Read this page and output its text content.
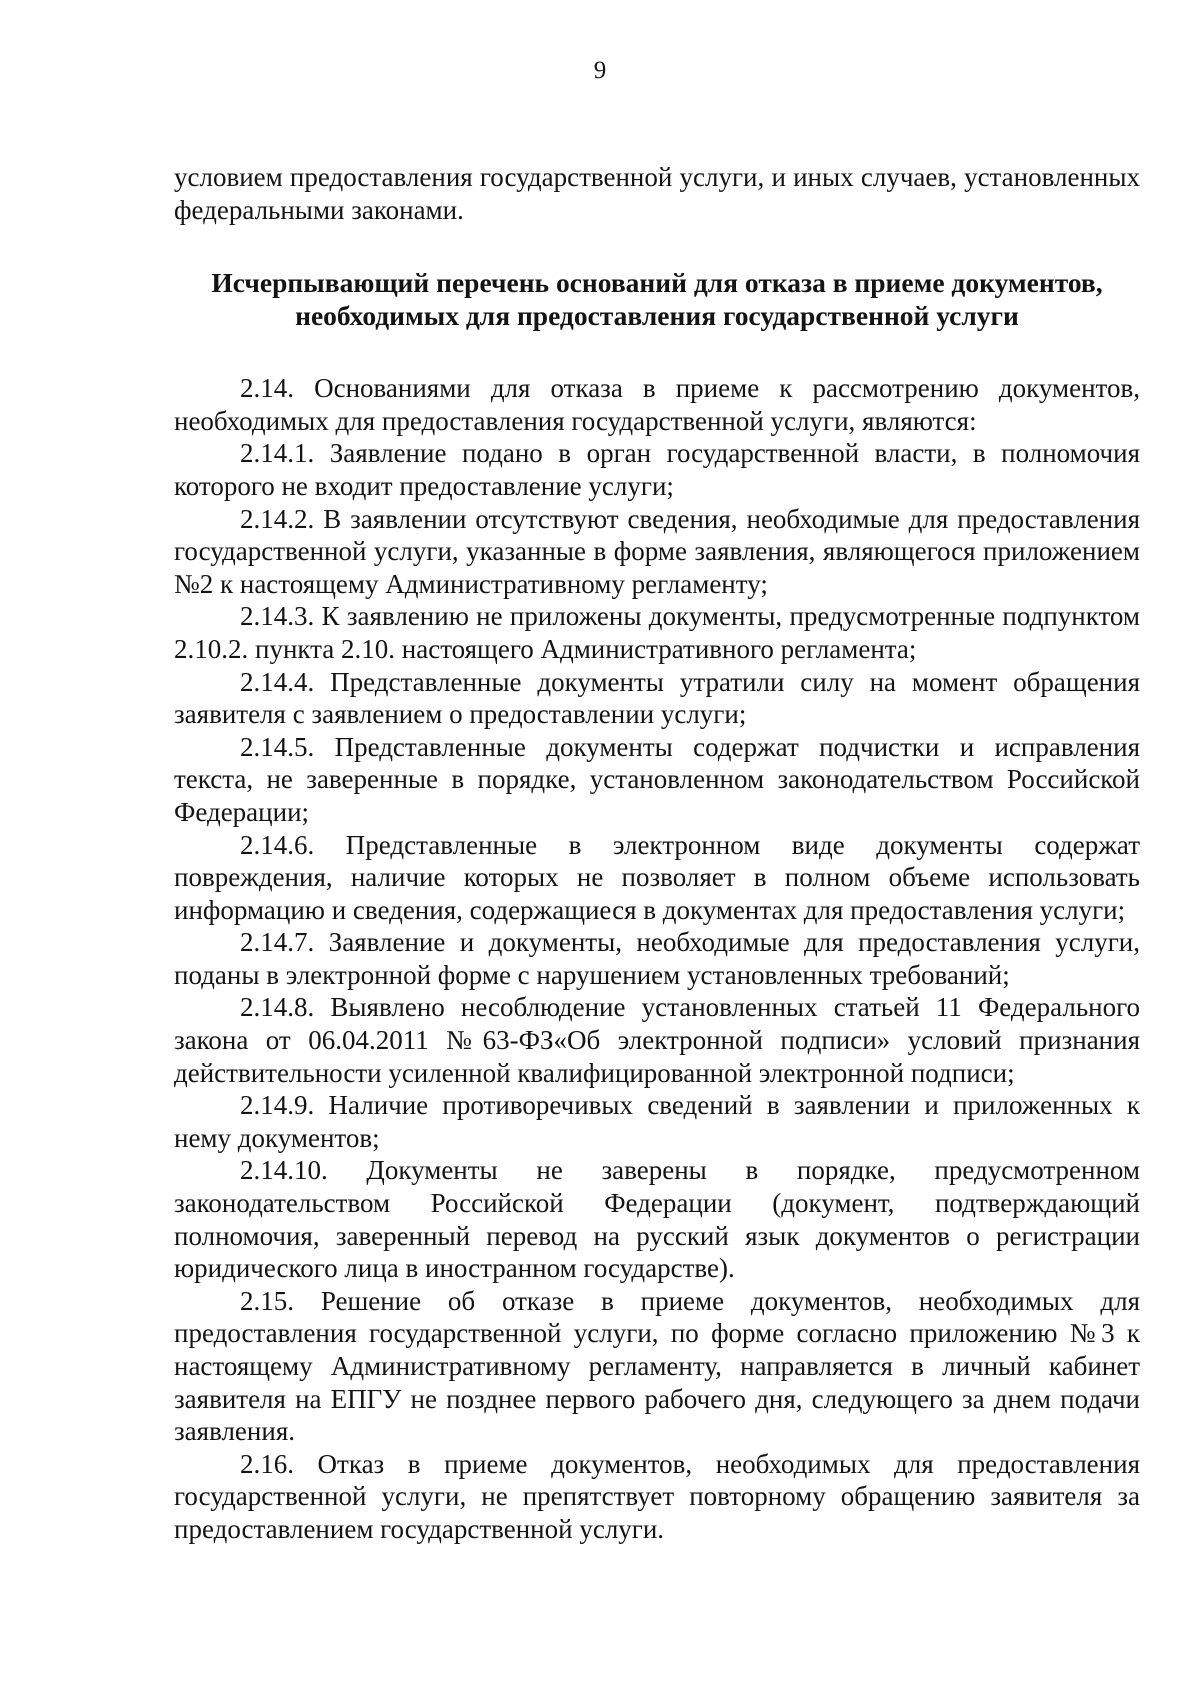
9

условием предоставления государственной услуги, и иных случаев, установленных федеральными законами.

Исчерпывающий перечень оснований для отказа в приеме документов,
необходимых для предоставления государственной услуги

2.14. Основаниями для отказа в приеме к рассмотрению документов, необходимых для предоставления государственной услуги, являются:

2.14.1. Заявление подано в орган государственной власти, в полномочия которого не входит предоставление услуги;

2.14.2. В заявлении отсутствуют сведения, необходимые для предоставления государственной услуги, указанные в форме заявления, являющегося приложением №2 к настоящему Административному регламенту;

2.14.3. К заявлению не приложены документы, предусмотренные подпунктом 2.10.2. пункта 2.10. настоящего Административного регламента;

2.14.4. Представленные документы утратили силу на момент обращения заявителя с заявлением о предоставлении услуги;

2.14.5. Представленные документы содержат подчистки и исправления текста, не заверенные в порядке, установленном законодательством Российской Федерации;

2.14.6. Представленные в электронном виде документы содержат повреждения, наличие которых не позволяет в полном объеме использовать информацию и сведения, содержащиеся в документах для предоставления услуги;

2.14.7. Заявление и документы, необходимые для предоставления услуги, поданы в электронной форме с нарушением установленных требований;

2.14.8. Выявлено несоблюдение установленных статьей 11 Федерального закона от 06.04.2011 №63-ФЗ«Об электронной подписи» условий признания действительности усиленной квалифицированной электронной подписи;

2.14.9. Наличие противоречивых сведений в заявлении и приложенных к нему документов;

2.14.10. Документы не заверены в порядке, предусмотренном законодательством Российской Федерации (документ, подтверждающий полномочия, заверенный перевод на русский язык документов о регистрации юридического лица в иностранном государстве).

2.15. Решение об отказе в приеме документов, необходимых для предоставления государственной услуги, по форме согласно приложению №3 к настоящему Административному регламенту, направляется в личный кабинет заявителя на ЕПГУ не позднее первого рабочего дня, следующего за днем подачи заявления.

2.16. Отказ в приеме документов, необходимых для предоставления государственной услуги, не препятствует повторному обращению заявителя за предоставлением государственной услуги.
